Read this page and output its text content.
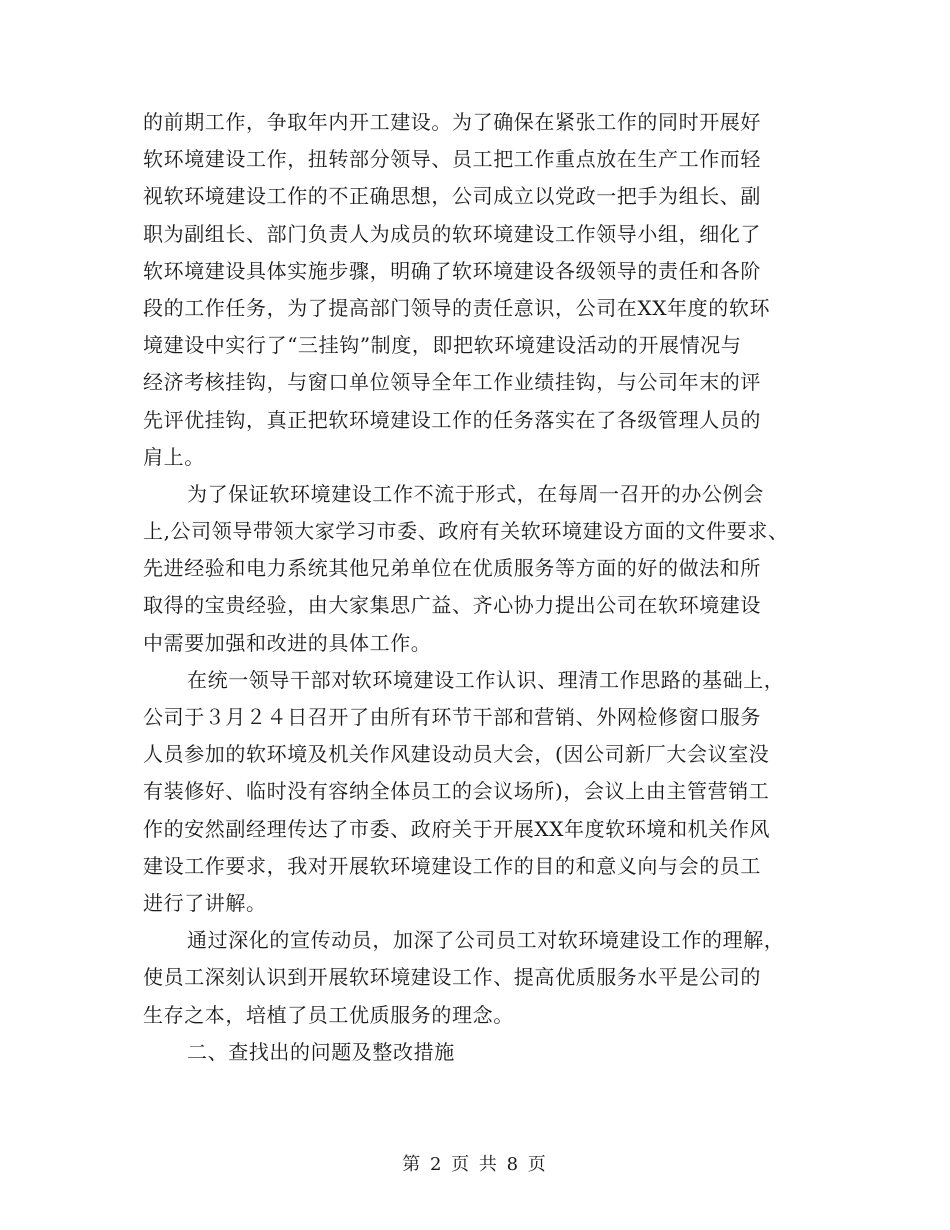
的前期工作，争取年内开工建设。为了确保在紧张工作的同时开展好
软环境建设工作，扭转部分领导、员工把工作重点放在生产工作而轻
视软环境建设工作的不正确思想，公司成立以党政一把手为组长、副
职为副组长、部门负责人为成员的软环境建设工作领导小组，细化了
软环境建设具体实施步骤，明确了软环境建设各级领导的责任和各阶
段的工作任务，为了提高部门领导的责任意识，公司在XX年度的软环
境建设中实行了“三挂钩”制度，即把软环境建设活动的开展情况与
经济考核挂钩，与窗口单位领导全年工作业绩挂钩，与公司年末的评
先评优挂钩，真正把软环境建设工作的任务落实在了各级管理人员的
肩上。
为了保证软环境建设工作不流于形式，在每周一召开的办公例会
上,公司领导带领大家学习市委、政府有关软环境建设方面的文件要求、
先进经验和电力系统其他兄弟单位在优质服务等方面的好的做法和所
取得的宝贵经验，由大家集思广益、齐心协力提出公司在软环境建设
中需要加强和改进的具体工作。
在统一领导干部对软环境建设工作认识、理清工作思路的基础上，
公司于３月２４日召开了由所有环节干部和营销、外网检修窗口服务
人员参加的软环境及机关作风建设动员大会，(因公司新厂大会议室没
有装修好、临时没有容纳全体员工的会议场所)，会议上由主管营销工
作的安然副经理传达了市委、政府关于开展XX年度软环境和机关作风
建设工作要求，我对开展软环境建设工作的目的和意义向与会的员工
进行了讲解。
通过深化的宣传动员，加深了公司员工对软环境建设工作的理解，
使员工深刻认识到开展软环境建设工作、提高优质服务水平是公司的
生存之本，培植了员工优质服务的理念。
二、查找出的问题及整改措施
第 2 页 共 8 页
